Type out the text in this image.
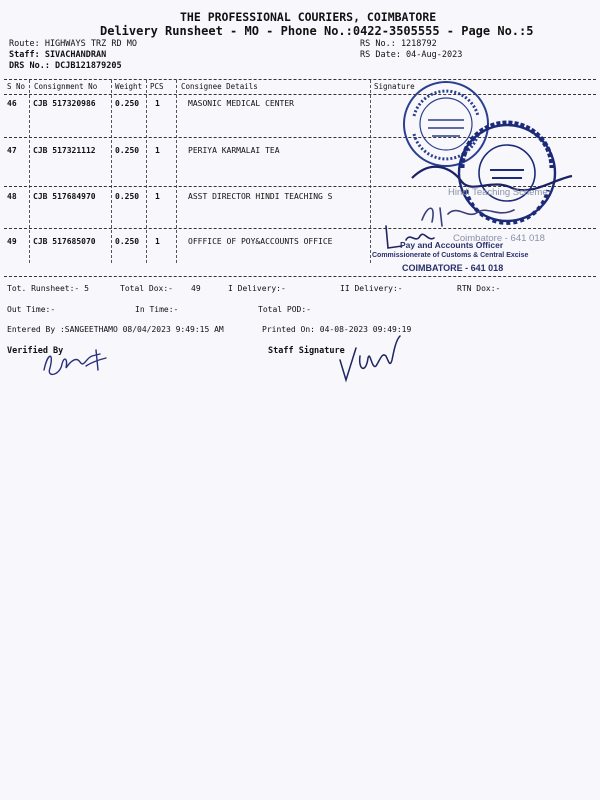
THE PROFESSIONAL COURIERS, COIMBATORE
Delivery Runsheet - MO - Phone No.:0422-3505555 - Page No.:5
Route: HIGHWAYS TRZ RD MO
Staff: SIVACHANDRAN
DRS No.: DCJB121879205
RS No.: 1218792
RS Date: 04-Aug-2023
S No Consignment No Weight PCS Consignee Details	Signature
46 CJB 517320986 0.250 1	MASONIC MEDICAL CENTER
47 CJB 517321112 0.250 1	PERIYA KARMALAI TEA
48 CJB 517684970 0.250 1	ASST DIRECTOR HINDI TEACHING S
49 CJB 517685070 0.250 1	OFFFICE OF POY&ACCOUNTS OFFICE
Tot. Runsheet:- 5	Total Dox:- 49	I Delivery:-	II Delivery:-	RTN Dox:-
Out Time:-	In Time:-	Total POD:-
Entered By :SANGEETHAMO 08/04/2023 9:49:15 AM	Printed On: 04-08-2023 09:49:19
Verified By	Staff Signature
Hindi Teaching Scheme
Coimbatore - 641 018
Pay and Accounts Officer
Commissionerate of Customs & Central Excise
COIMBATORE - 641 018
